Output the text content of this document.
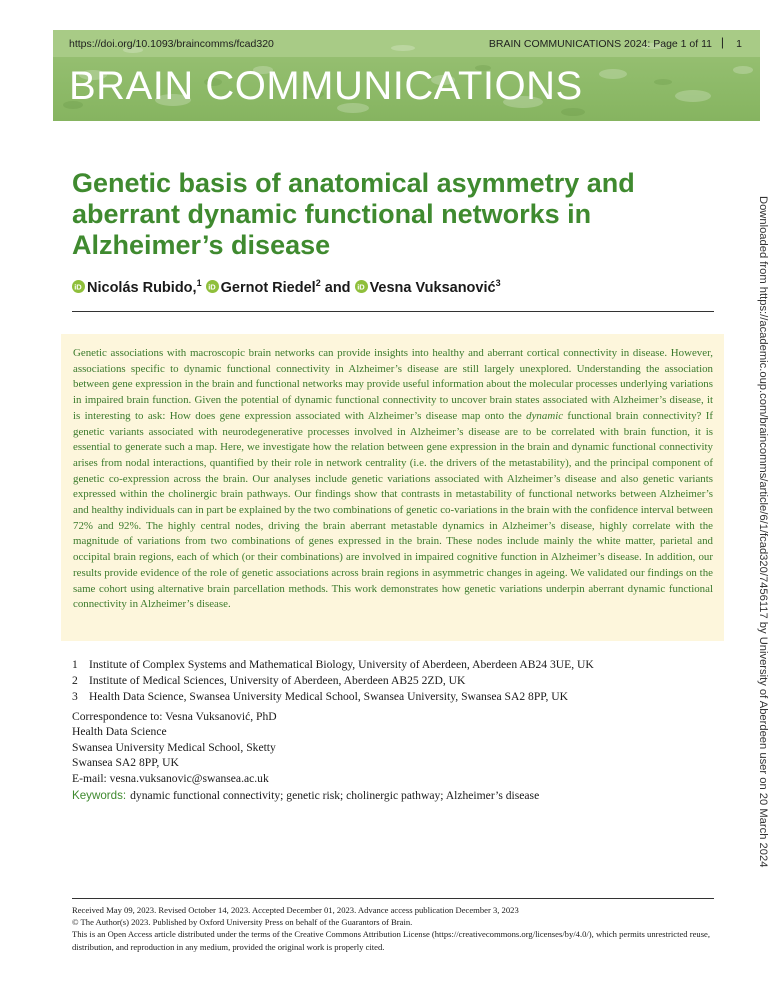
https://doi.org/10.1093/braincomms/fcad320	BRAIN COMMUNICATIONS 2024: Page 1 of 11 | 1
BRAIN COMMUNICATIONS
Downloaded from https://academic.oup.com/braincomms/article/6/1/fcad320/7456117 by University of Aberdeen user on 20 March 2024
Genetic basis of anatomical asymmetry and aberrant dynamic functional networks in Alzheimer’s disease
iD Nicolás Rubido,$^1$ iD Gernot Riedel$^2$ and iD Vesna Vuksanović$^3$

Genetic associations with macroscopic brain networks can provide insights into healthy and aberrant cortical connectivity in disease. However, associations specific to dynamic functional connectivity in Alzheimer’s disease are still largely unexplored. Understanding the association between gene expression in the brain and functional networks may provide useful information about the molecular processes underlying variations in impaired brain function. Given the potential of dynamic functional connectivity to uncover brain states associated with Alzheimer’s disease, it is interesting to ask: How does gene expression associated with Alzheimer’s disease map onto the dynamic functional brain connectivity? If genetic variants associated with neurodegenerative processes involved in Alzheimer’s disease are to be correlated with brain function, it is essential to generate such a map. Here, we investigate how the relation between gene expression in the brain and dynamic functional connectivity arises from nodal interactions, quantified by their role in network centrality (i.e. the drivers of the metastability), and the principal component of genetic co-expression across the brain. Our analyses include genetic variations associated with Alzheimer’s disease and also genetic variants expressed within the cholinergic brain pathways. Our findings show that contrasts in metastability of functional networks between Alzheimer’s and healthy individuals can in part be explained by the two combinations of genetic co-variations in the brain with the confidence interval between 72% and 92%. The highly central nodes, driving the brain aberrant metastable dynamics in Alzheimer’s disease, highly correlate with the magnitude of variations from two combinations of genes expressed in the brain. These nodes include mainly the white matter, parietal and occipital brain regions, each of which (or their combinations) are involved in impaired cognitive function in Alzheimer’s disease. In addition, our results provide evidence of the role of genetic associations across brain regions in asymmetric changes in ageing. We validated our findings on the same cohort using alternative brain parcellation methods. This work demonstrates how genetic variations underpin aberrant dynamic functional connectivity in Alzheimer’s disease.

1 Institute of Complex Systems and Mathematical Biology, University of Aberdeen, Aberdeen AB24 3UE, UK
2 Institute of Medical Sciences, University of Aberdeen, Aberdeen AB25 2ZD, UK
3 Health Data Science, Swansea University Medical School, Swansea University, Swansea SA2 8PP, UK
Correspondence to: Vesna Vuksanović, PhD
Health Data Science
Swansea University Medical School, Sketty
Swansea SA2 8PP, UK
E-mail: vesna.vuksanovic@swansea.ac.uk
Keywords: dynamic functional connectivity; genetic risk; cholinergic pathway; Alzheimer’s disease
Received May 09, 2023. Revised October 14, 2023. Accepted December 01, 2023. Advance access publication December 3, 2023
© The Author(s) 2023. Published by Oxford University Press on behalf of the Guarantors of Brain.
This is an Open Access article distributed under the terms of the Creative Commons Attribution License (https://creativecommons.org/licenses/by/4.0/), which permits unrestricted reuse, distribution, and reproduction in any medium, provided the original work is properly cited.
